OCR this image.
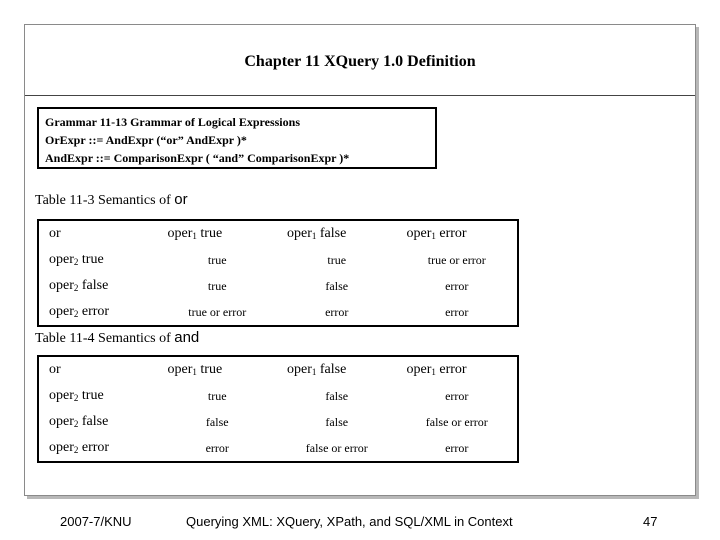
Chapter 11 XQuery 1.0 Definition
Grammar 11-13 Grammar of Logical Expressions
OrExpr ::= AndExpr (“or” AndExpr )*
AndExpr ::= ComparisonExpr ( “and” ComparisonExpr )*
Table 11-3 Semantics of or
or	oper$_1$ true	oper$_1$ false	oper$_1$ error
oper$_2$ true	true	true	true or error
oper$_2$ false	true	false	error
oper$_2$ error	true or error	error	error
Table 11-4 Semantics of and
or	oper$_1$ true	oper$_1$ false	oper$_1$ error
oper$_2$ true	true	false	error
oper$_2$ false	false	false	false or error
oper$_2$ error	error	false or error	error
2007-7/KNU	Querying XML: XQuery, XPath, and SQL/XML in Context	47
